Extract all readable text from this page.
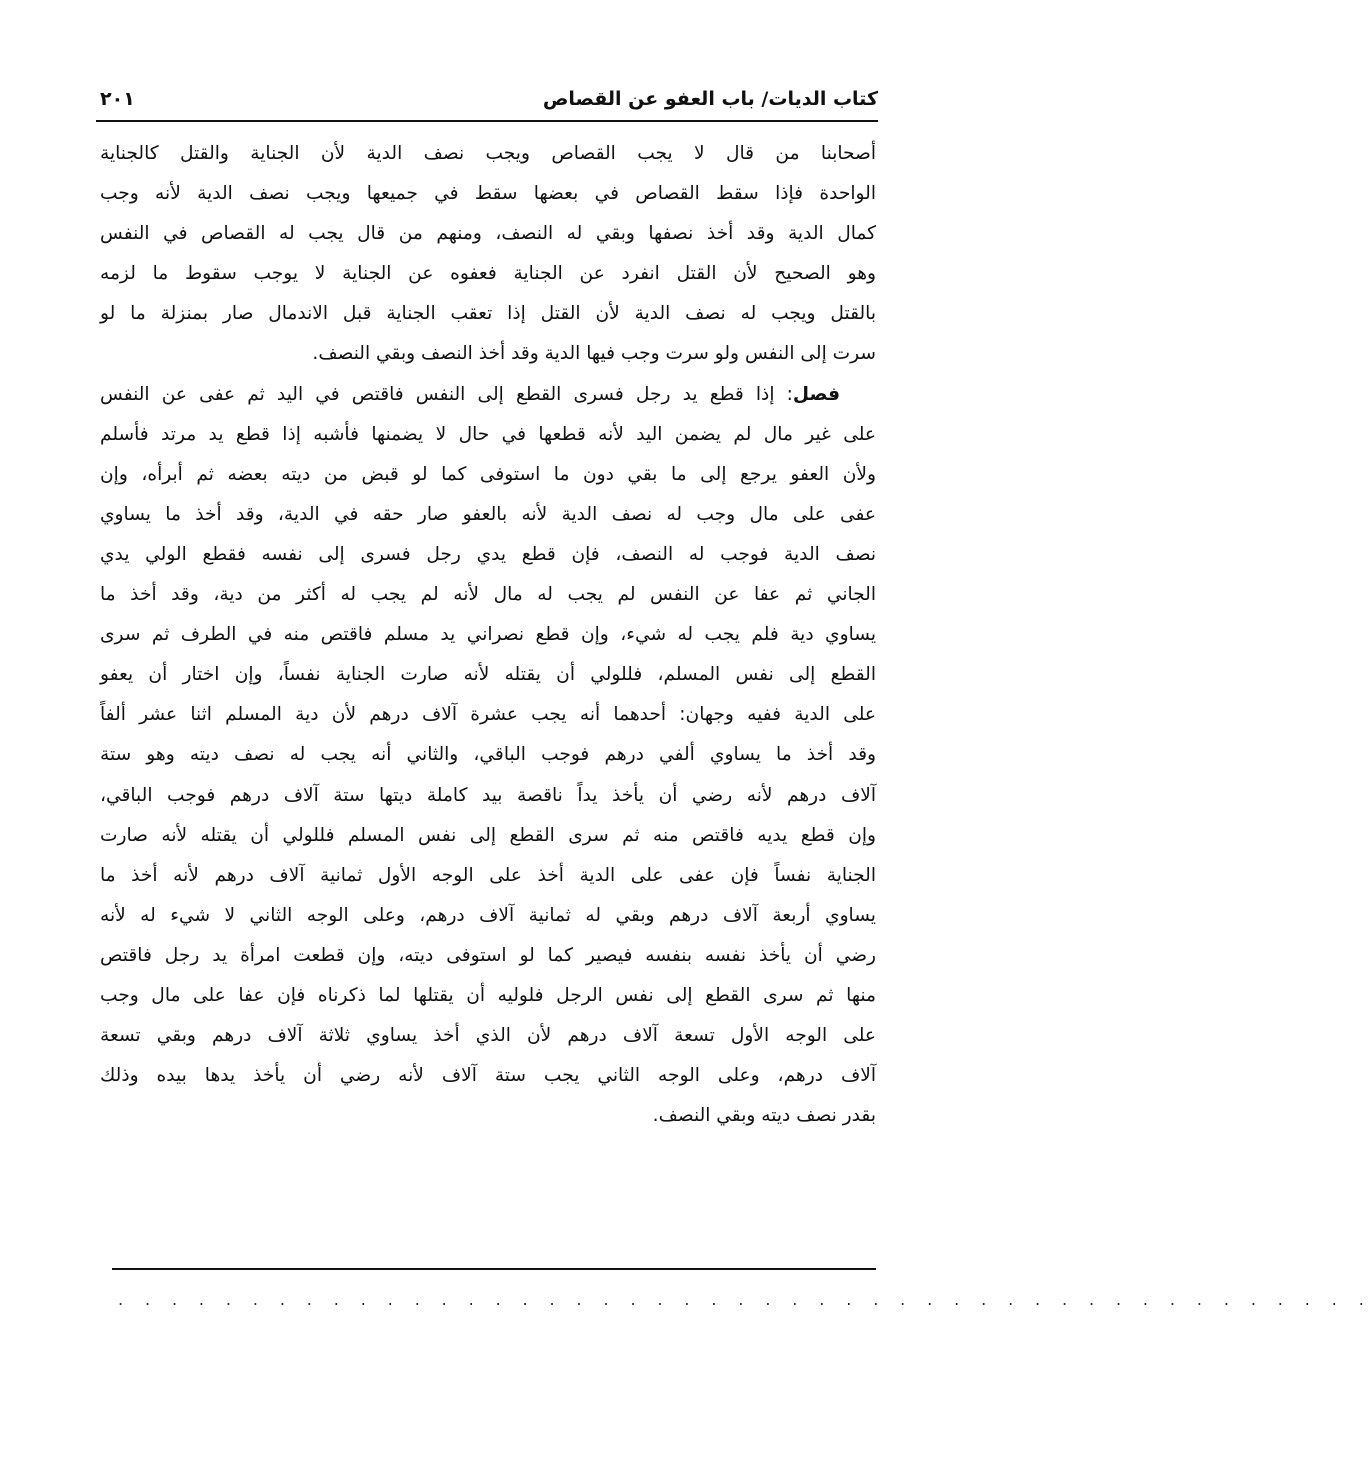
كتاب الديات/ باب العفو عن القصاص
٢٠١
أصحابنا من قال لا يجب القصاص ويجب نصف الدية لأن الجناية والقتل كالجناية
الواحدة فإذا سقط القصاص في بعضها سقط في جميعها ويجب نصف الدية لأنه وجب
كمال الدية وقد أخذ نصفها وبقي له النصف، ومنهم من قال يجب له القصاص في النفس
وهو الصحيح لأن القتل انفرد عن الجناية فعفوه عن الجناية لا يوجب سقوط ما لزمه
بالقتل ويجب له نصف الدية لأن القتل إذا تعقب الجناية قبل الاندمال صار بمنزلة ما لو
سرت إلى النفس ولو سرت وجب فيها الدية وقد أخذ النصف وبقي النصف.
فصل: إذا قطع يد رجل فسرى القطع إلى النفس فاقتص في اليد ثم عفى عن النفس
على غير مال لم يضمن اليد لأنه قطعها في حال لا يضمنها فأشبه إذا قطع يد مرتد فأسلم
ولأن العفو يرجع إلى ما بقي دون ما استوفى كما لو قبض من ديته بعضه ثم أبرأه، وإن
عفى على مال وجب له نصف الدية لأنه بالعفو صار حقه في الدية، وقد أخذ ما يساوي
نصف الدية فوجب له النصف، فإن قطع يدي رجل فسرى إلى نفسه فقطع الولي يدي
الجاني ثم عفا عن النفس لم يجب له مال لأنه لم يجب له أكثر من دية، وقد أخذ ما
يساوي دية فلم يجب له شيء، وإن قطع نصراني يد مسلم فاقتص منه في الطرف ثم سرى
القطع إلى نفس المسلم، فللولي أن يقتله لأنه صارت الجناية نفساً، وإن اختار أن يعفو
على الدية ففيه وجهان: أحدهما أنه يجب عشرة آلاف درهم لأن دية المسلم اثنا عشر ألفاً
وقد أخذ ما يساوي ألفي درهم فوجب الباقي، والثاني أنه يجب له نصف ديته وهو ستة
آلاف درهم لأنه رضي أن يأخذ يداً ناقصة بيد كاملة ديتها ستة آلاف درهم فوجب الباقي،
وإن قطع يديه فاقتص منه ثم سرى القطع إلى نفس المسلم فللولي أن يقتله لأنه صارت
الجناية نفساً فإن عفى على الدية أخذ على الوجه الأول ثمانية آلاف درهم لأنه أخذ ما
يساوي أربعة آلاف درهم وبقي له ثمانية آلاف درهم، وعلى الوجه الثاني لا شيء له لأنه
رضي أن يأخذ نفسه بنفسه فيصير كما لو استوفى ديته، وإن قطعت امرأة يد رجل فاقتص
منها ثم سرى القطع إلى نفس الرجل فلوليه أن يقتلها لما ذكرناه فإن عفا على مال وجب
على الوجه الأول تسعة آلاف درهم لأن الذي أخذ يساوي ثلاثة آلاف درهم وبقي تسعة
آلاف درهم، وعلى الوجه الثاني يجب ستة آلاف لأنه رضي أن يأخذ يدها بيده وذلك
بقدر نصف ديته وبقي النصف.
. . . . . . . . . . . . . . . . . . . . . . . . . . . . . . . . . . . . . . . . . . . . . . .
